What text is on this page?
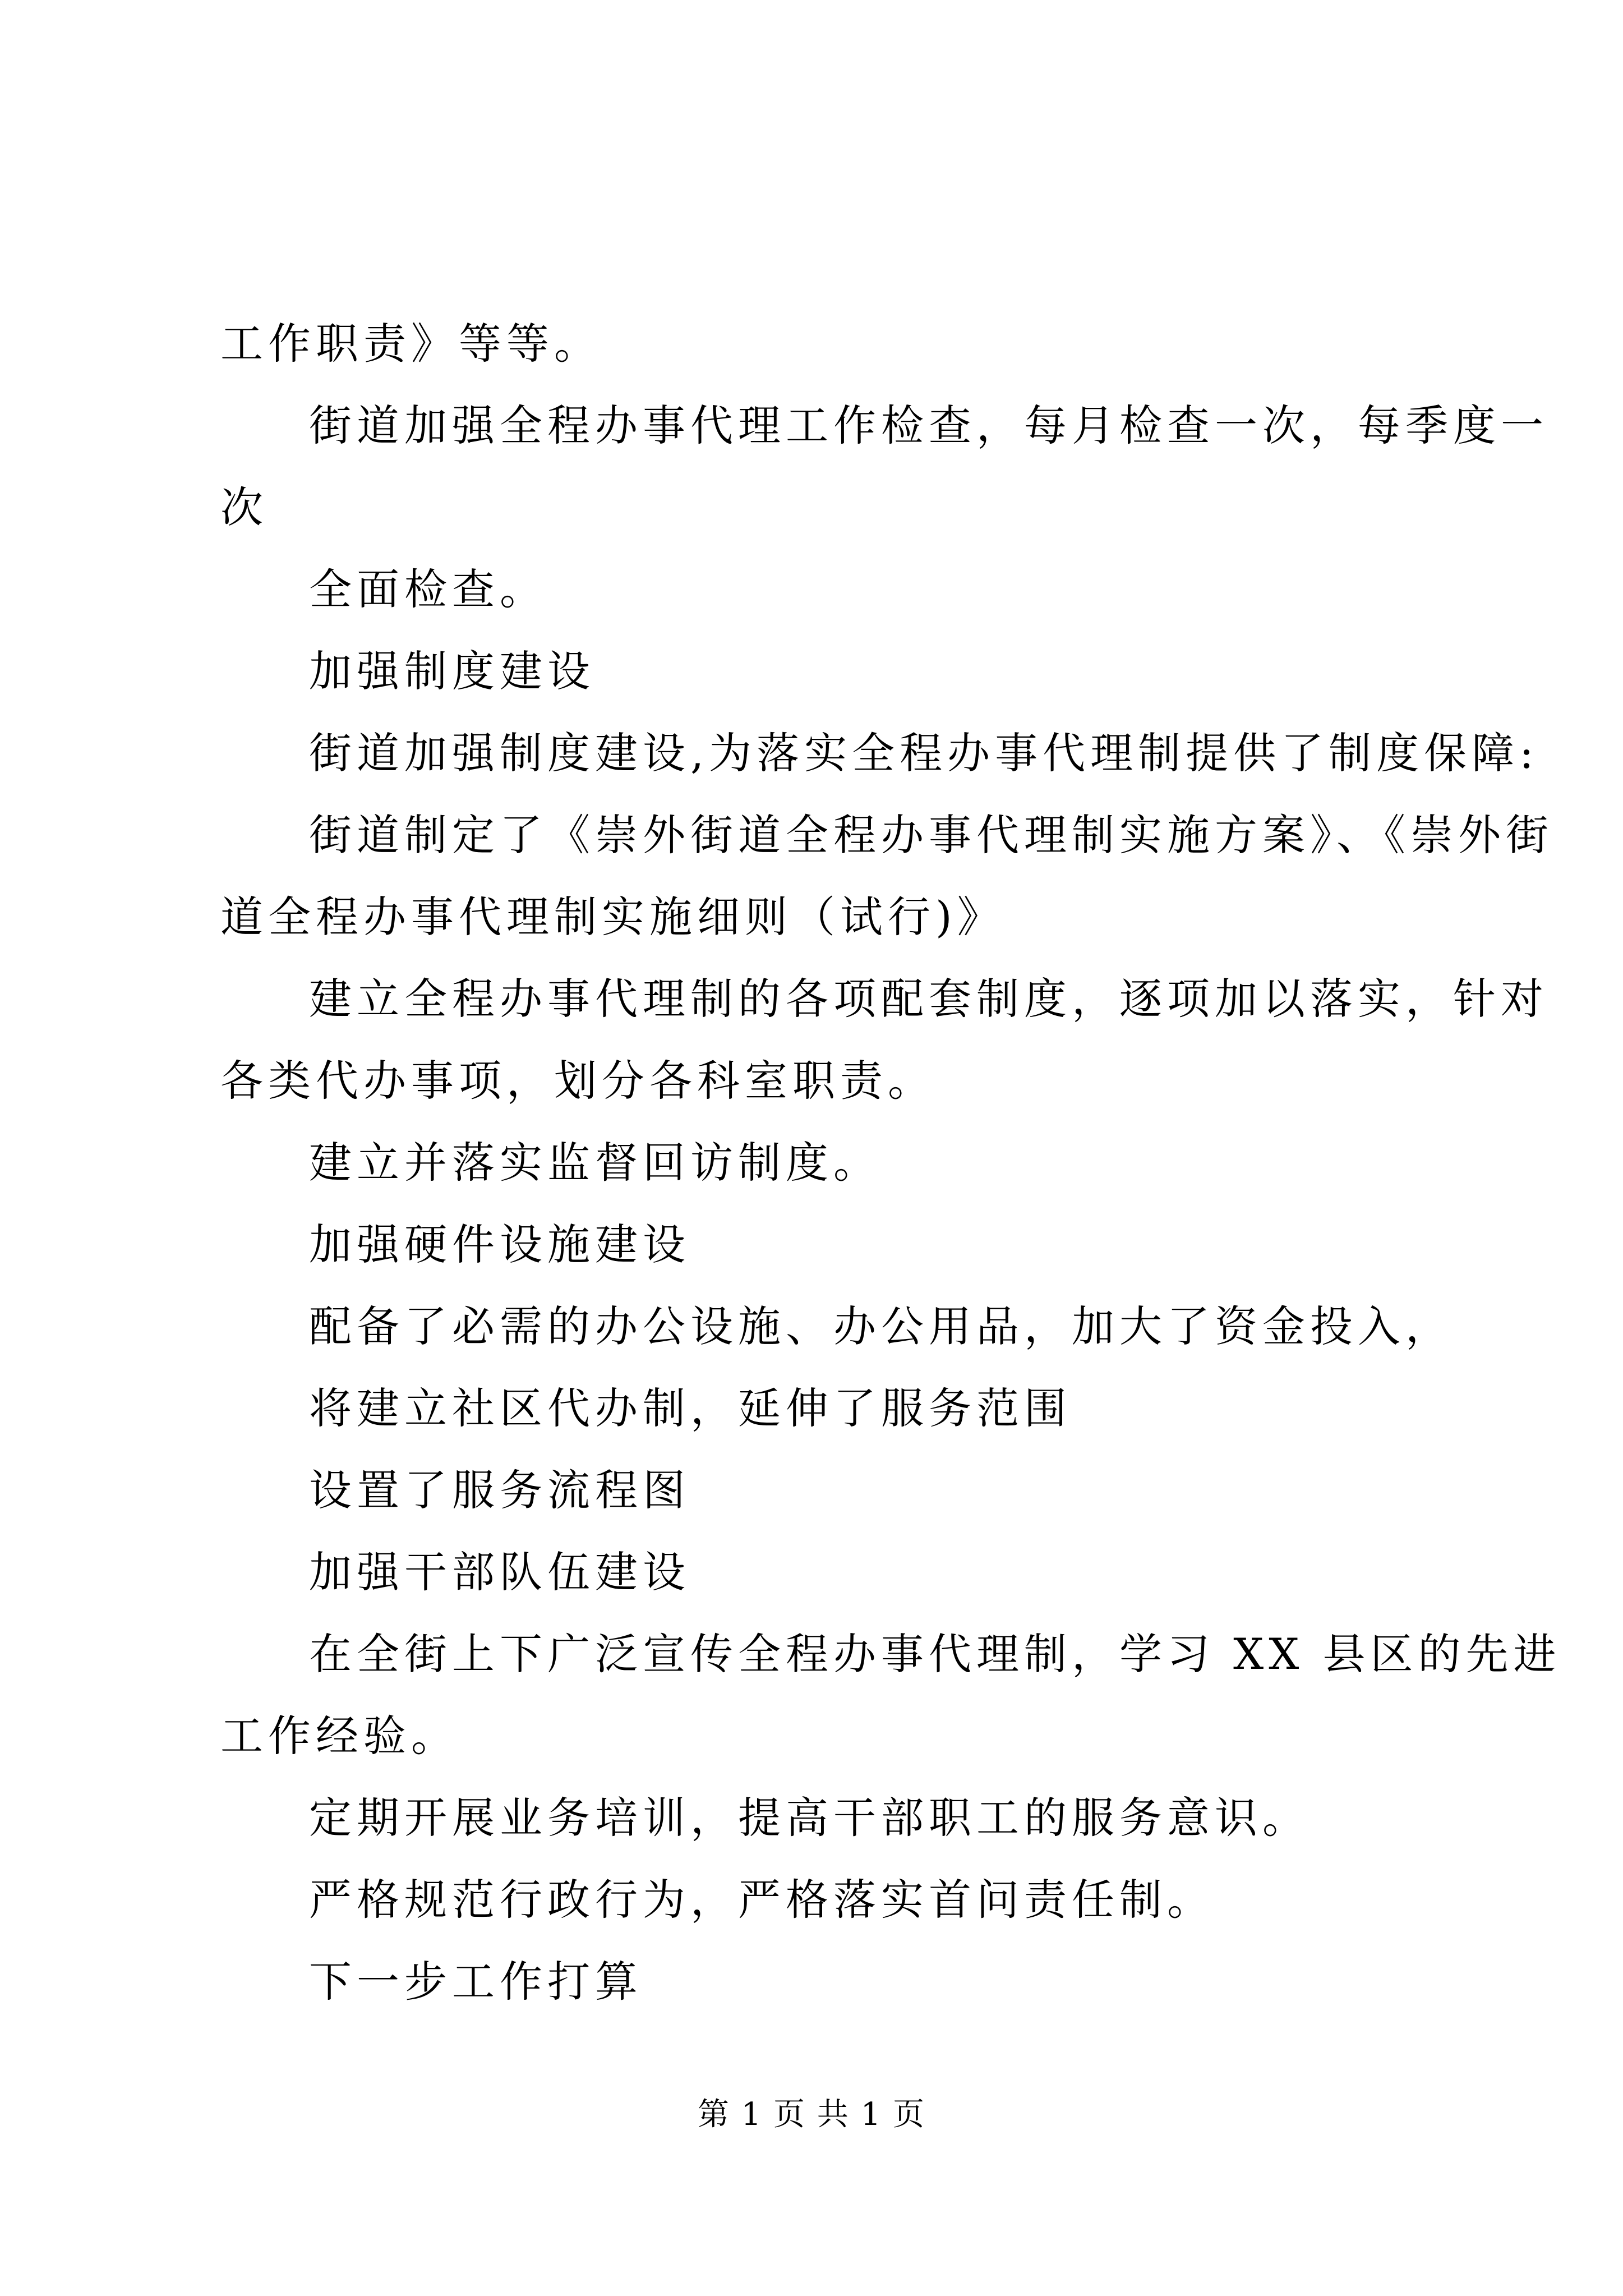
工作职责》等等。
街道加强全程办事代理工作检查，每月检查一次，每季度一
次
全面检查。
加强制度建设
街道加强制度建设,为落实全程办事代理制提供了制度保障:
街道制定了《崇外街道全程办事代理制实施方案》、《崇外街
道全程办事代理制实施细则（试行)》
建立全程办事代理制的各项配套制度，逐项加以落实，针对
各类代办事项，划分各科室职责。
建立并落实监督回访制度。
加强硬件设施建设
配备了必需的办公设施、办公用品，加大了资金投入，
将建立社区代办制，延伸了服务范围
设置了服务流程图
加强干部队伍建设
在全街上下广泛宣传全程办事代理制，学习 XX 县区的先进
工作经验。
定期开展业务培训，提高干部职工的服务意识。
严格规范行政行为，严格落实首问责任制。
下一步工作打算
第 1 页 共 1 页
